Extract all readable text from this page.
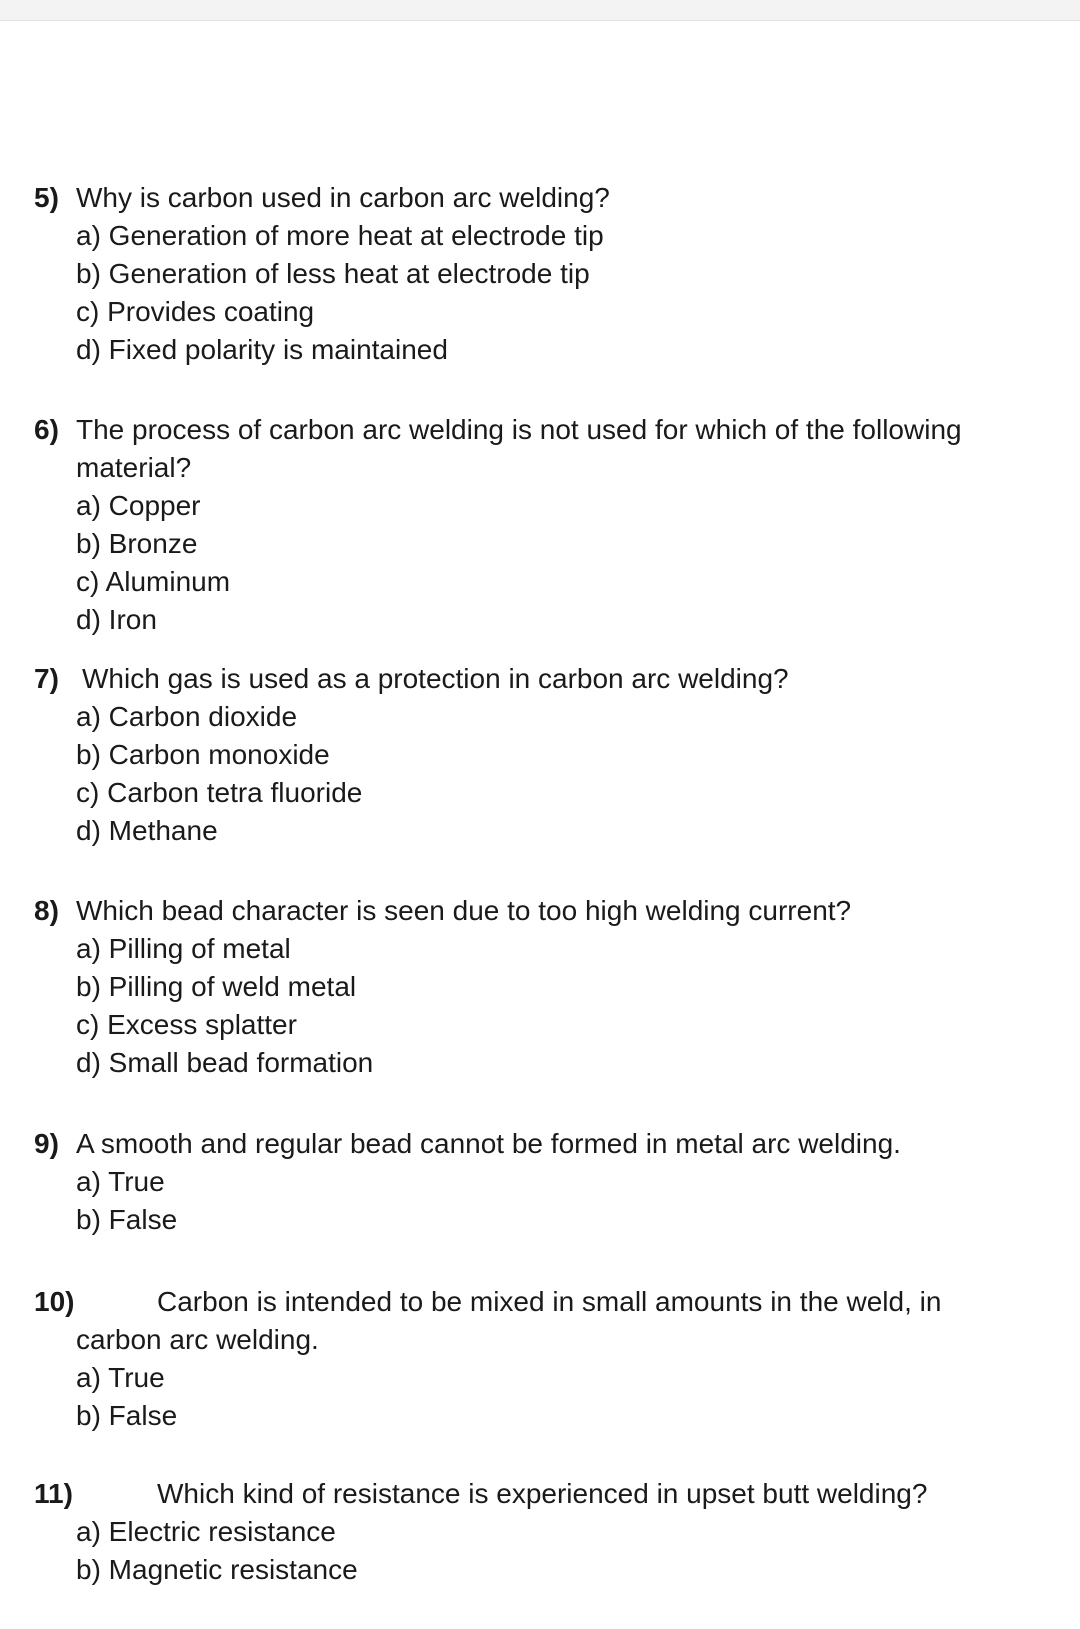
5) Why is carbon used in carbon arc welding?
a) Generation of more heat at electrode tip
b) Generation of less heat at electrode tip
c) Provides coating
d) Fixed polarity is maintained
6) The process of carbon arc welding is not used for which of the following
material?
a) Copper
b) Bronze
c) Aluminum
d) Iron
7) Which gas is used as a protection in carbon arc welding?
a) Carbon dioxide
b) Carbon monoxide
c) Carbon tetra fluoride
d) Methane
8) Which bead character is seen due to too high welding current?
a) Pilling of metal
b) Pilling of weld metal
c) Excess splatter
d) Small bead formation
9) A smooth and regular bead cannot be formed in metal arc welding.
a) True
b) False
10)	Carbon is intended to be mixed in small amounts in the weld, in
carbon arc welding.
a) True
b) False
11)	Which kind of resistance is experienced in upset butt welding?
a) Electric resistance
b) Magnetic resistance
